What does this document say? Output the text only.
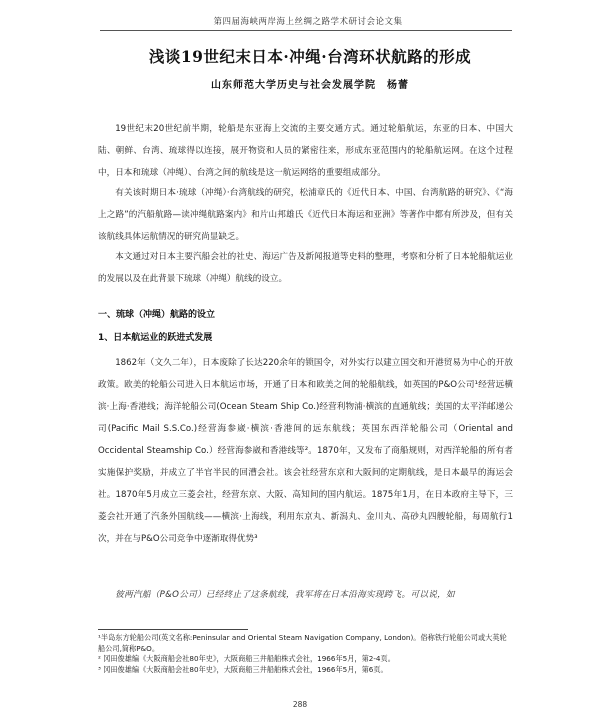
第四届海峡两岸海上丝绸之路学术研讨会论文集
浅谈19世纪末日本·冲绳·台湾环状航路的形成
山东师范大学历史与社会发展学院　杨蕾

19世纪末20世纪前半期，轮船是东亚海上交流的主要交通方式。通过轮船航运，东亚的日本、中国大陆、朝鲜、台湾、琉球得以连接，展开物资和人员的紧密往来，形成东亚范围内的轮船航运网。在这个过程中，日本和琉球（冲绳）、台湾之间的航线是这一航运网络的重要组成部分。

有关该时期日本·琉球（冲绳）·台湾航线的研究，松浦章氏的《近代日本、中国、台湾航路的研究》、《“海上之路”的汽船航路—读冲绳航路案内》和片山邦雄氏《近代日本海运和亚洲》等著作中都有所涉及，但有关该航线具体运航情况的研究尚显缺乏。

本文通过对日本主要汽船会社的社史、海运广告及新闻报道等史料的整理，考察和分析了日本轮船航运业的发展以及在此背景下琉球（冲绳）航线的设立。

一、琉球（冲绳）航路的设立
1、日本航运业的跃进式发展

1862年（文久二年），日本废除了长达220余年的锁国令，对外实行以建立国交和开港贸易为中心的开放政策。欧美的轮船公司进入日本航运市场，开通了日本和欧美之间的轮船航线，如英国的P&O公司¹经营远横滨·上海·香港线；海洋轮船公司(Ocean Steam Ship Co.)经营利物浦·横滨的直通航线；美国的太平洋邮递公司(Pacific Mail S.S.Co.)经营海参崴·横滨·香港间的远东航线；英国东西洋轮船公司（Oriental and Occidental Steamship Co.）经营海参崴和香港线等²。1870年，又发布了商船规则，对西洋轮船的所有者实施保护奖励，并成立了半官半民的回漕会社。该会社经营东京和大阪间的定期航线，是日本最早的海运会社。1870年5月成立三菱会社，经营东京、大阪、高知间的国内航运。1875年1月，在日本政府主导下，三菱会社开通了汽条外国航线——横滨·上海线，利用东京丸、新潟丸、金川丸、高砂丸四艘轮船，每周航行1次，并在与P&O公司竞争中逐渐取得优势³

彼两汽船（P&O公司）已经终止了这条航线，我军将在日本沿海实现跨飞。可以说，如
¹半岛东方轮船公司(英文名称:Peninsular and Oriental Steam Navigation Company, London)。俗称铁行轮船公司或大英轮船公司,简称P&O。
² 冈田俊雄编《大阪商船会社80年史》，大阪商船三井船舶株式会社，1966年5月，第2-4页。
³ 冈田俊雄编《大阪商船会社80年史》，大阪商船三井船舶株式会社，1966年5月，第6页。
288
